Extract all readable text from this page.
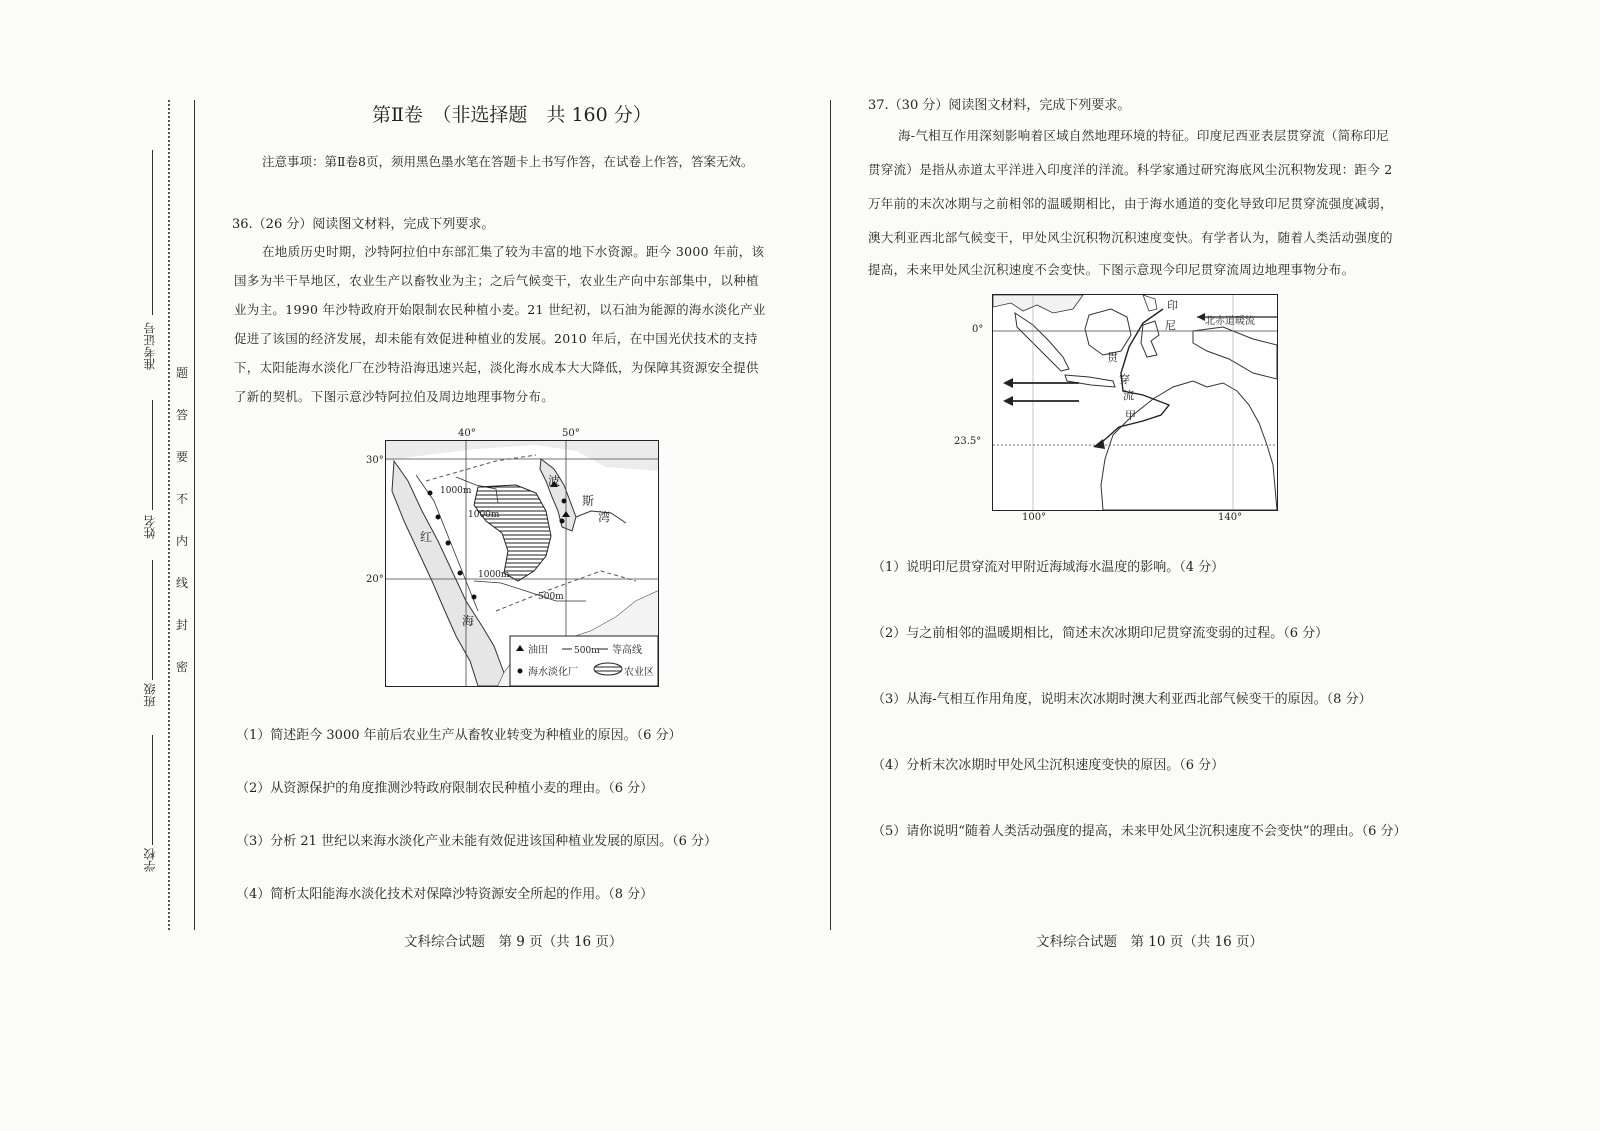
准考证号
姓名
班级
学校
题
答
要
不
内
线
封
密
第Ⅱ卷　（非选择题　共 160 分）
注意事项：第Ⅱ卷8页，须用黑色墨水笔在答题卡上书写作答，在试卷上作答，答案无效。
36.（26 分）阅读图文材料，完成下列要求。
在地质历史时期，沙特阿拉伯中东部汇集了较为丰富的地下水资源。距今 3000 年前，该
国多为半干旱地区，农业生产以畜牧业为主；之后气候变干，农业生产向中东部集中，以种植
业为主。1990 年沙特政府开始限制农民种植小麦。21 世纪初，以石油为能源的海水淡化产业
促进了该国的经济发展，却未能有效促进种植业的发展。2010 年后，在中国光伏技术的支持
下，太阳能海水淡化厂在沙特沿海迅速兴起，淡化海水成本大大降低，为保障其资源安全提供
了新的契机。下图示意沙特阿拉伯及周边地理事物分布。
40°	50°
30°
20°
1000m
1000m
1000m
500m
红
海
波
斯
湾
油田	500m 等高线
海水淡化厂	农业区
（1）简述距今 3000 年前后农业生产从畜牧业转变为种植业的原因。（6 分）
（2）从资源保护的角度推测沙特政府限制农民种植小麦的理由。（6 分）
（3）分析 21 世纪以来海水淡化产业未能有效促进该国种植业发展的原因。（6 分）
（4）简析太阳能海水淡化技术对保障沙特资源安全所起的作用。（8 分）
文科综合试题　第 9 页（共 16 页）
37.（30 分）阅读图文材料，完成下列要求。
海-气相互作用深刻影响着区域自然地理环境的特征。印度尼西亚表层贯穿流（简称印尼
贯穿流）是指从赤道太平洋进入印度洋的洋流。科学家通过研究海底风尘沉积物发现：距今 2
万年前的末次冰期与之前相邻的温暖期相比，由于海水通道的变化导致印尼贯穿流强度减弱，
澳大利亚西北部气候变干，甲处风尘沉积物沉积速度变快。有学者认为，随着人类活动强度的
提高，未来甲处风尘沉积速度不会变快。下图示意现今印尼贯穿流周边地理事物分布。
0°
23.5°
100°	140°
北赤道暖流
印
尼
贯
穿
流
甲
（1）说明印尼贯穿流对甲附近海域海水温度的影响。（4 分）
（2）与之前相邻的温暖期相比，简述末次冰期印尼贯穿流变弱的过程。（6 分）
（3）从海-气相互作用角度，说明末次冰期时澳大利亚西北部气候变干的原因。（8 分）
（4）分析末次冰期时甲处风尘沉积速度变快的原因。（6 分）
（5）请你说明“随着人类活动强度的提高，未来甲处风尘沉积速度不会变快”的理由。（6 分）
文科综合试题　第 10 页（共 16 页）
